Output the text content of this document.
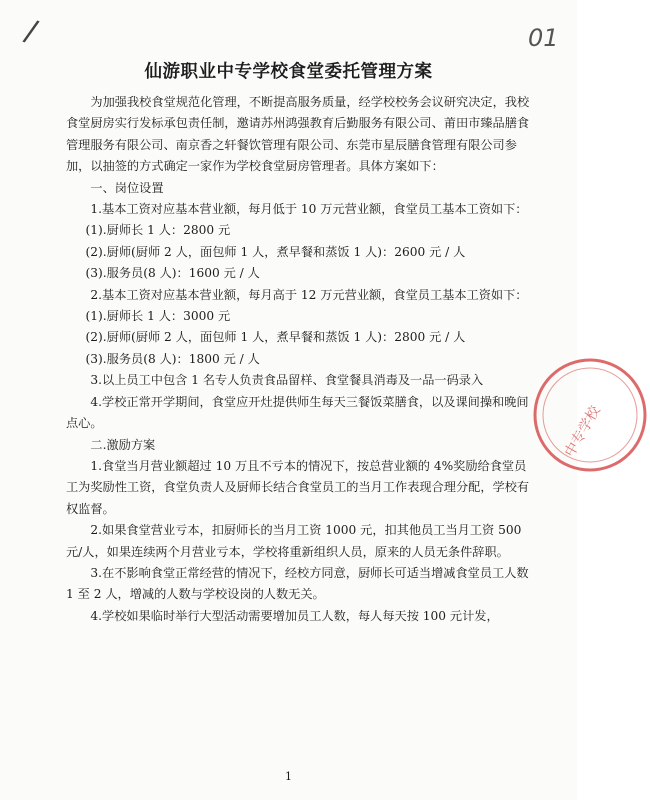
/	01
仙游职业中专学校食堂委托管理方案

为加强我校食堂规范化管理，不断提高服务质量，经学校校务会议研究决定，我校食堂厨房实行发标承包责任制，邀请苏州鸿强教育后勤服务有限公司、莆田市臻品膳食管理服务有限公司、南京香之轩餐饮管理有限公司、东莞市星辰膳食管理有限公司参加，以抽签的方式确定一家作为学校食堂厨房管理者。具体方案如下：

一、岗位设置

1.基本工资对应基本营业额，每月低于 10 万元营业额，食堂员工基本工资如下：

(1).厨师长 1 人：2800 元

(2).厨师(厨师 2 人，面包师 1 人，煮早餐和蒸饭 1 人)：2600 元 / 人

(3).服务员(8 人)：1600 元 / 人

2.基本工资对应基本营业额，每月高于 12 万元营业额，食堂员工基本工资如下：

(1).厨师长 1 人：3000 元

(2).厨师(厨师 2 人，面包师 1 人，煮早餐和蒸饭 1 人)：2800 元 / 人

(3).服务员(8 人)：1800 元 / 人

3.以上员工中包含 1 名专人负责食品留样、食堂餐具消毒及一品一码录入

4.学校正常开学期间，食堂应开灶提供师生每天三餐饭菜膳食，以及课间操和晚间点心。

二.激励方案

1.食堂当月营业额超过 10 万且不亏本的情况下，按总营业额的 4%奖励给食堂员工为奖励性工资，食堂负责人及厨师长结合食堂员工的当月工作表现合理分配，学校有权监督。

2.如果食堂营业亏本，扣厨师长的当月工资 1000 元，扣其他员工当月工资 500 元/人，如果连续两个月营业亏本，学校将重新组织人员，原来的人员无条件辞职。

3.在不影响食堂正常经营的情况下，经校方同意，厨师长可适当增减食堂员工人数 1 至 2 人，增减的人数与学校设岗的人数无关。

4.学校如果临时举行大型活动需要增加员工人数，每人每天按 100 元计发，

中专学校
1
